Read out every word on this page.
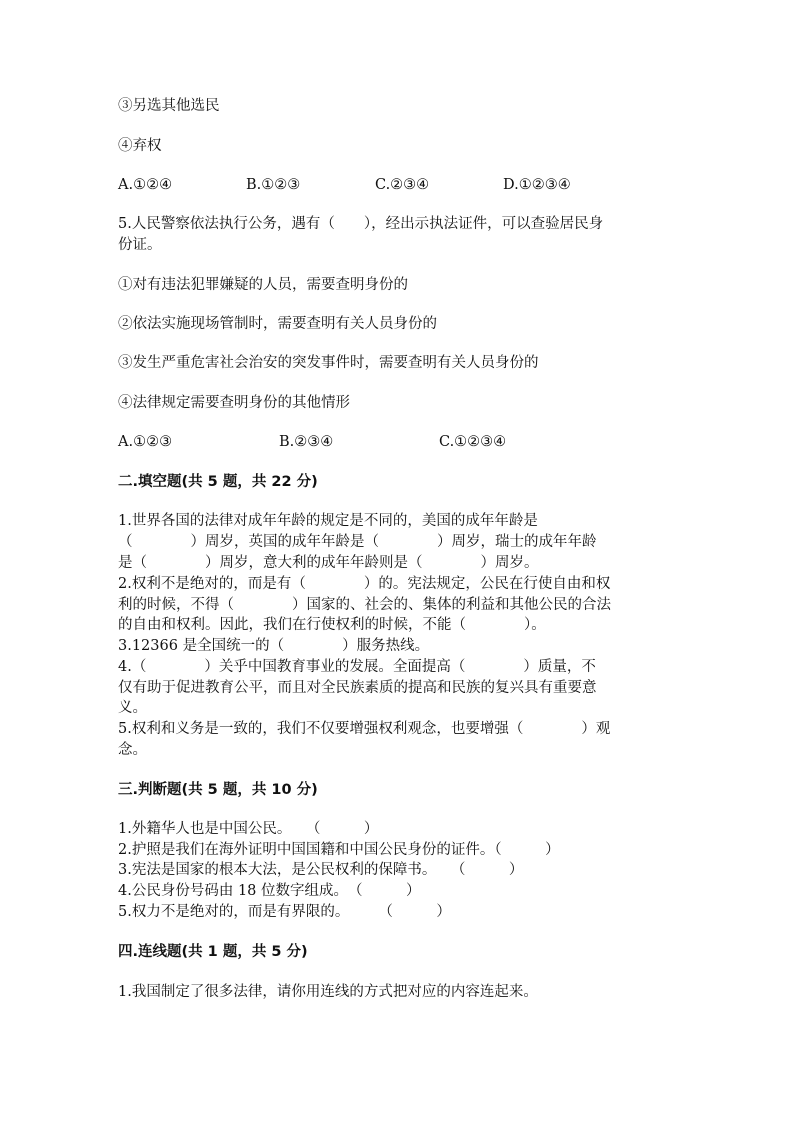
③另选其他选民
④弃权
A.①②④	B.①②③	C.②③④	D.①②③④
5.人民警察依法执行公务，遇有（　　），经出示执法证件，可以查验居民身
份证。
①对有违法犯罪嫌疑的人员，需要查明身份的
②依法实施现场管制时，需要查明有关人员身份的
③发生严重危害社会治安的突发事件时，需要查明有关人员身份的
④法律规定需要查明身份的其他情形
A.①②③	B.②③④	C.①②③④
二.填空题(共 5 题，共 22 分)
1.世界各国的法律对成年年龄的规定是不同的，美国的成年年龄是
（　　　　）周岁，英国的成年年龄是（　　　　）周岁，瑞士的成年年龄
是（　　　　）周岁，意大利的成年年龄则是（　　　　）周岁。
2.权利不是绝对的，而是有（　　　　）的。宪法规定，公民在行使自由和权
利的时候，不得（　　　　）国家的、社会的、集体的利益和其他公民的合法
的自由和权利。因此，我们在行使权利的时候，不能（　　　　）。
3.12366 是全国统一的（　　　　）服务热线。
4.（　　　　）关乎中国教育事业的发展。全面提高（　　　　）质量，不
仅有助于促进教育公平，而且对全民族素质的提高和民族的复兴具有重要意
义。
5.权利和义务是一致的，我们不仅要增强权利观念，也要增强（　　　　）观
念。
三.判断题(共 5 题，共 10 分)
1.外籍华人也是中国公民。　　（　　　）
2.护照是我们在海外证明中国国籍和中国公民身份的证件。（　　　）
3.宪法是国家的根本大法，是公民权利的保障书。　　（　　　）
4.公民身份号码由 18 位数字组成。　（　　　）
5.权力不是绝对的，而是有界限的。　　　（　　　）
四.连线题(共 1 题，共 5 分)
1.我国制定了很多法律，请你用连线的方式把对应的内容连起来。
